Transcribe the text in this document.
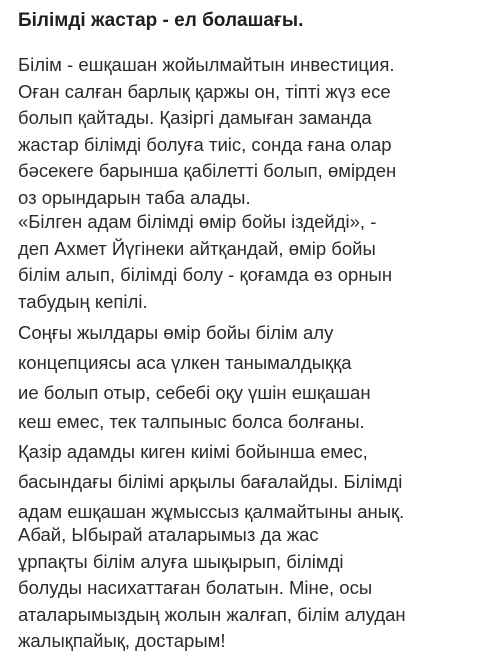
Білімді жастар - ел болашағы.

Білім - ешқашан жойылмайтын инвестиция.
Оған салған барлық қаржы он, тіпті жүз есе
болып қайтады. Қазіргі дамыған заманда
жастар білімді болуға тиіс, сонда ғана олар
бәсекеге барынша қабілетті болып, өмірден
оз орындарын таба алады.

«Білген адам білімді өмір бойы іздейді», -
деп Ахмет Йүгінеки айтқандай, өмір бойы
білім алып, білімді болу - қоғамда өз орнын
табудың кепілі.

Соңғы жылдары өмір бойы білім алу
концепциясы аса үлкен танымалдыққа
ие болып отыр, себебі оқу үшін ешқашан
кеш емес, тек талпыныс болса болғаны.
Қазір адамды киген киімі бойынша емес,
басындағы білімі арқылы бағалайды. Білімді
адам ешқашан жұмыссыз қалмайтыны анық.

Абай, Ыбырай аталарымыз да жас
ұрпақты білім алуға шықырып, білімді
болуды насихаттаған болатын. Міне, осы
аталарымыздың жолын жалғап, білім алудан
жалықпайық, достарым!
